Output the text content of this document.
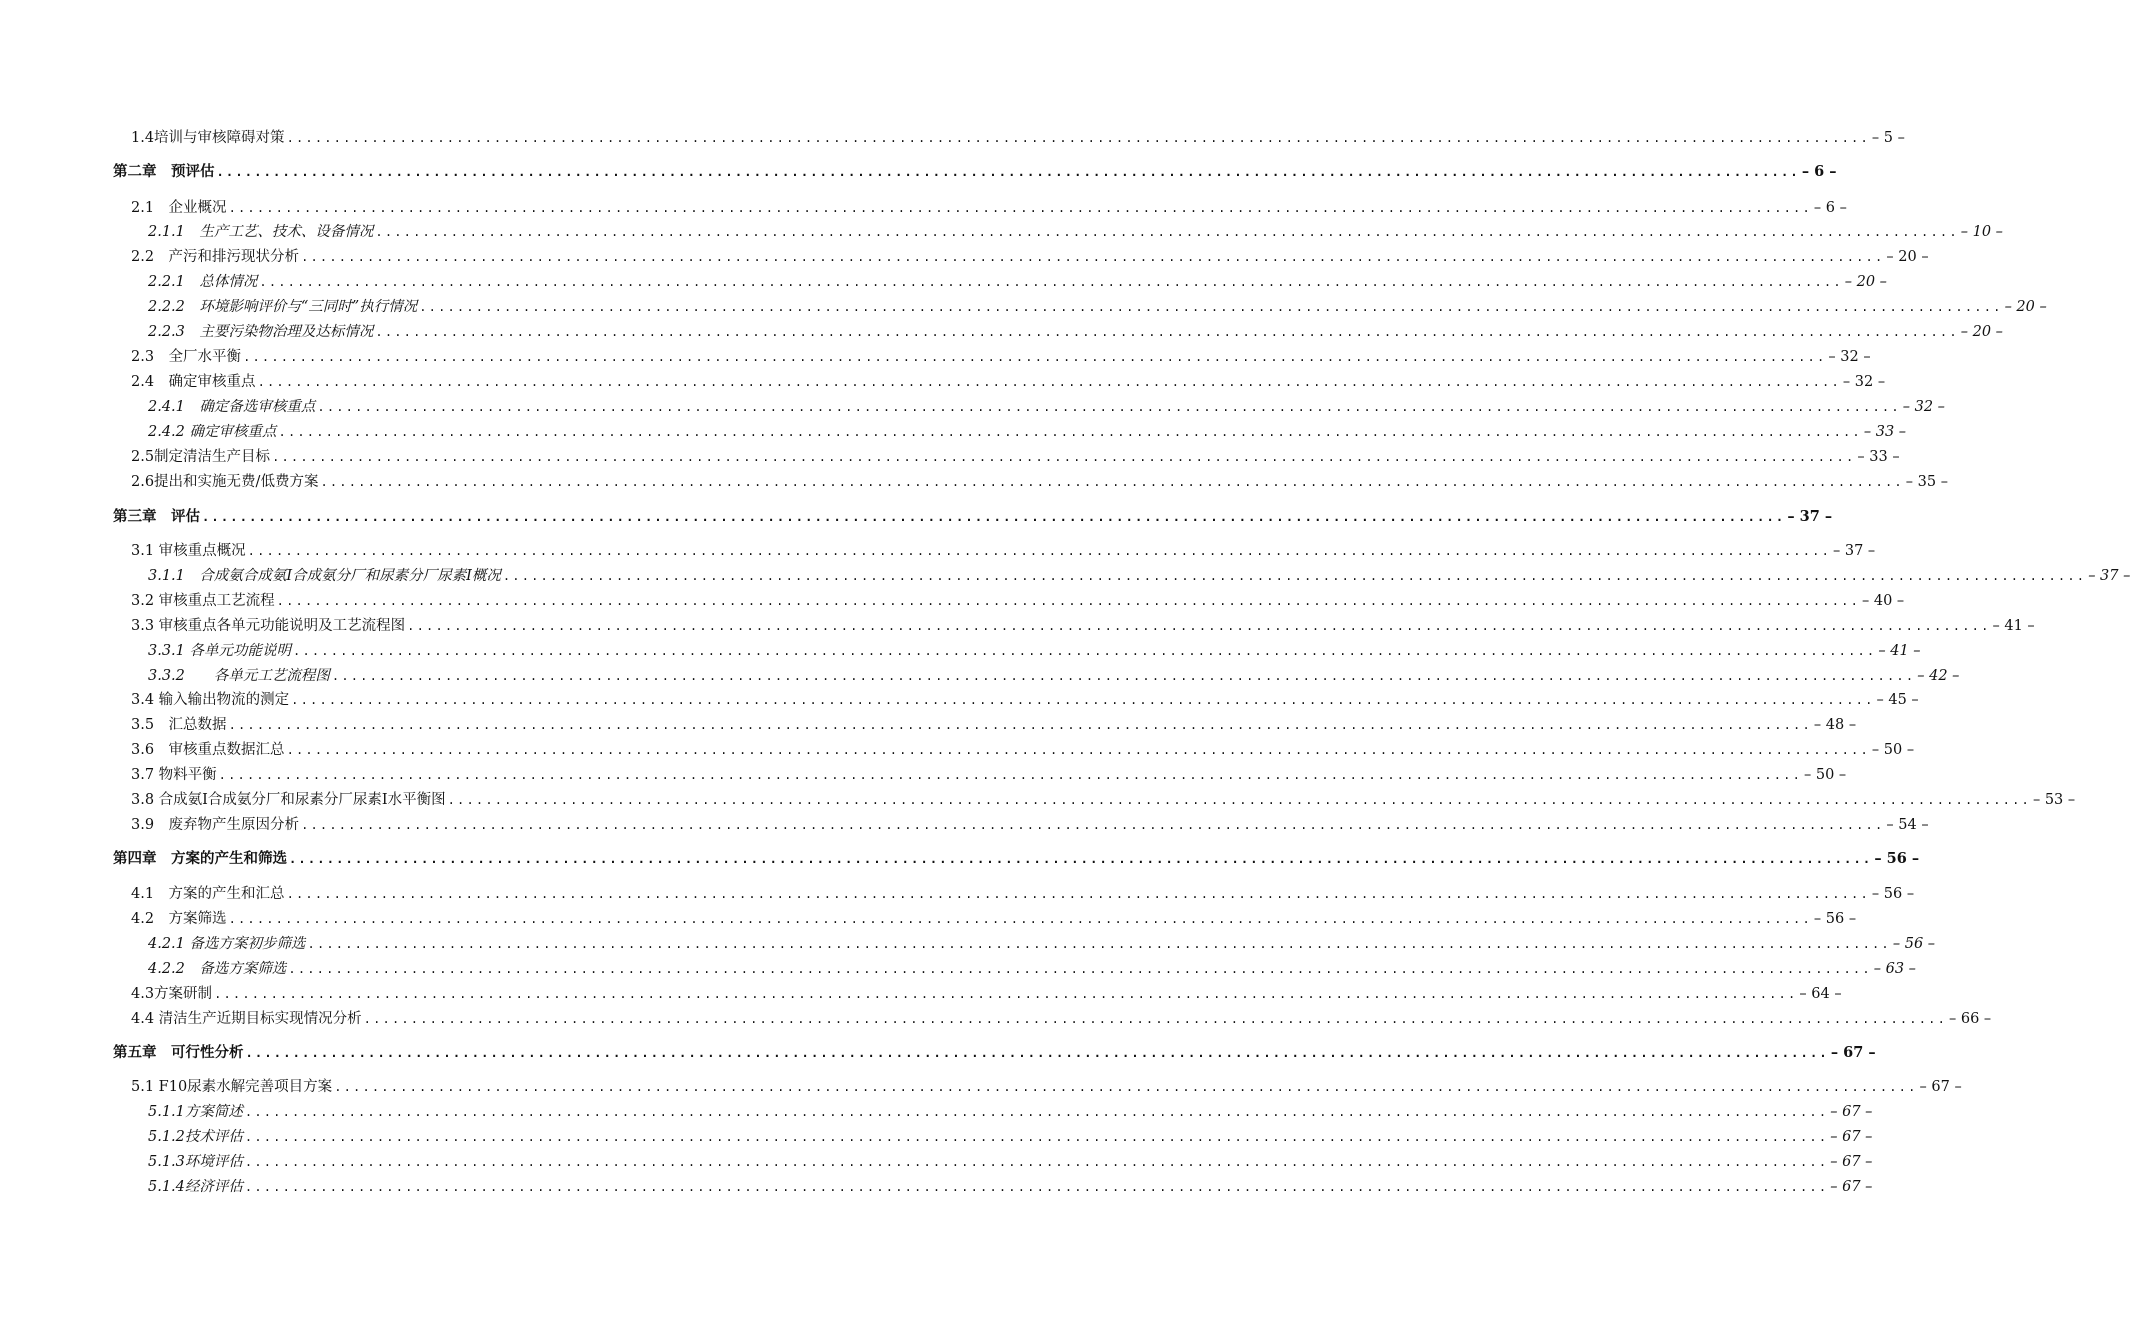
1.4培训与审核障碍对策 ........................................................................................................................................................................ – 5 –
第二章　预评估 ........................................................................................................................................................................ – 6 –
2.1　企业概况 ........................................................................................................................................................................ – 6 –
2.1.1　生产工艺、技术、设备情况 ........................................................................................................................................................................ – 10 –
2.2　产污和排污现状分析 ........................................................................................................................................................................ – 20 –
2.2.1　总体情况 ........................................................................................................................................................................ – 20 –
2.2.2　环境影响评价与“三同时”执行情况 ........................................................................................................................................................................ – 20 –
2.2.3　主要污染物治理及达标情况 ........................................................................................................................................................................ – 20 –
2.3　全厂水平衡 ........................................................................................................................................................................ – 32 –
2.4　确定审核重点 ........................................................................................................................................................................ – 32 –
2.4.1　确定备选审核重点 ........................................................................................................................................................................ – 32 –
2.4.2 确定审核重点 ........................................................................................................................................................................ – 33 –
2.5制定清洁生产目标 ........................................................................................................................................................................ – 33 –
2.6提出和实施无费/低费方案 ........................................................................................................................................................................ – 35 –
第三章　评估 ........................................................................................................................................................................ – 37 –
3.1 审核重点概况 ........................................................................................................................................................................ – 37 –
3.1.1　合成氨合成氨Ⅰ合成氨分厂和尿素分厂尿素Ⅰ概况 ........................................................................................................................................................................ – 37 –
3.2 审核重点工艺流程 ........................................................................................................................................................................ – 40 –
3.3 审核重点各单元功能说明及工艺流程图 ........................................................................................................................................................................ – 41 –
3.3.1 各单元功能说明 ........................................................................................................................................................................ – 41 –
3.3.2　　各单元工艺流程图 ........................................................................................................................................................................ – 42 –
3.4 输入输出物流的测定 ........................................................................................................................................................................ – 45 –
3.5　汇总数据 ........................................................................................................................................................................ – 48 –
3.6　审核重点数据汇总 ........................................................................................................................................................................ – 50 –
3.7 物料平衡 ........................................................................................................................................................................ – 50 –
3.8 合成氨Ⅰ合成氨分厂和尿素分厂尿素Ⅰ水平衡图 ........................................................................................................................................................................ – 53 –
3.9　废弃物产生原因分析 ........................................................................................................................................................................ – 54 –
第四章　方案的产生和筛选 ........................................................................................................................................................................ – 56 –
4.1　方案的产生和汇总 ........................................................................................................................................................................ – 56 –
4.2　方案筛选 ........................................................................................................................................................................ – 56 –
4.2.1 备选方案初步筛选 ........................................................................................................................................................................ – 56 –
4.2.2　备选方案筛选 ........................................................................................................................................................................ – 63 –
4.3方案研制 ........................................................................................................................................................................ – 64 –
4.4 清洁生产近期目标实现情况分析 ........................................................................................................................................................................ – 66 –
第五章　可行性分析 ........................................................................................................................................................................ – 67 –
5.1 F10尿素水解完善项目方案 ........................................................................................................................................................................ – 67 –
5.1.1方案简述 ........................................................................................................................................................................ – 67 –
5.1.2技术评估 ........................................................................................................................................................................ – 67 –
5.1.3环境评估 ........................................................................................................................................................................ – 67 –
5.1.4经济评估 ........................................................................................................................................................................ – 67 –
